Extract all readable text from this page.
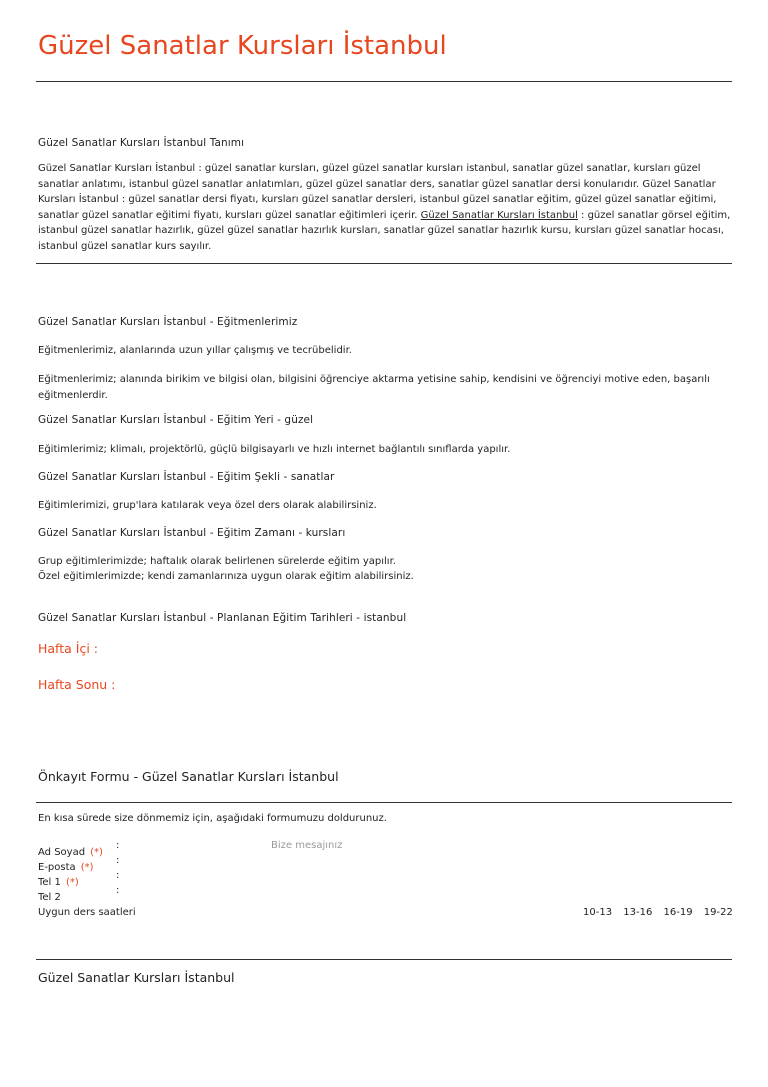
Güzel Sanatlar Kursları İstanbul
Güzel Sanatlar Kursları İstanbul Tanımı
Güzel Sanatlar Kursları İstanbul : güzel sanatlar kursları, güzel güzel sanatlar kursları istanbul, sanatlar güzel sanatlar, kursları güzel sanatlar anlatımı, istanbul güzel sanatlar anlatımları, güzel güzel sanatlar ders, sanatlar güzel sanatlar dersi konularıdır. Güzel Sanatlar Kursları İstanbul : güzel sanatlar dersi fiyatı, kursları güzel sanatlar dersleri, istanbul güzel sanatlar eğitim, güzel güzel sanatlar eğitimi, sanatlar güzel sanatlar eğitimi fiyatı, kursları güzel sanatlar eğitimleri içerir. Güzel Sanatlar Kursları İstanbul : güzel sanatlar görsel eğitim, istanbul güzel sanatlar hazırlık, güzel güzel sanatlar hazırlık kursları, sanatlar güzel sanatlar hazırlık kursu, kursları güzel sanatlar hocası, istanbul güzel sanatlar kurs sayılır.
Güzel Sanatlar Kursları İstanbul - Eğitmenlerimiz
Eğitmenlerimiz, alanlarında uzun yıllar çalışmış ve tecrübelidir.
Eğitmenlerimiz; alanında birikim ve bilgisi olan, bilgisini öğrenciye aktarma yetisine sahip, kendisini ve öğrenciyi motive eden, başarılı eğitmenlerdir.
Güzel Sanatlar Kursları İstanbul - Eğitim Yeri - güzel
Eğitimlerimiz; klimalı, projektörlü, güçlü bilgisayarlı ve hızlı internet bağlantılı sınıflarda yapılır.
Güzel Sanatlar Kursları İstanbul - Eğitim Şekli - sanatlar
Eğitimlerimizi, grup'lara katılarak veya özel ders olarak alabilirsiniz.
Güzel Sanatlar Kursları İstanbul - Eğitim Zamanı - kursları
Grup eğitimlerimizde; haftalık olarak belirlenen sürelerde eğitim yapılır.
Özel eğitimlerimizde; kendi zamanlarınıza uygun olarak eğitim alabilirsiniz.
Güzel Sanatlar Kursları İstanbul - Planlanan Eğitim Tarihleri - istanbul
Hafta İçi :
Hafta Sonu :
Önkayıt Formu - Güzel Sanatlar Kursları İstanbul
En kısa sürede size dönmemiz için, aşağıdaki formumuzu doldurunuz.
Ad Soyad (*)
:
E-posta (*)
:
Tel 1 (*)
:
Tel 2
:
Bize mesajınız
Uygun ders saatleri	10-13 13-16 16-19 19-22
Güzel Sanatlar Kursları İstanbul
